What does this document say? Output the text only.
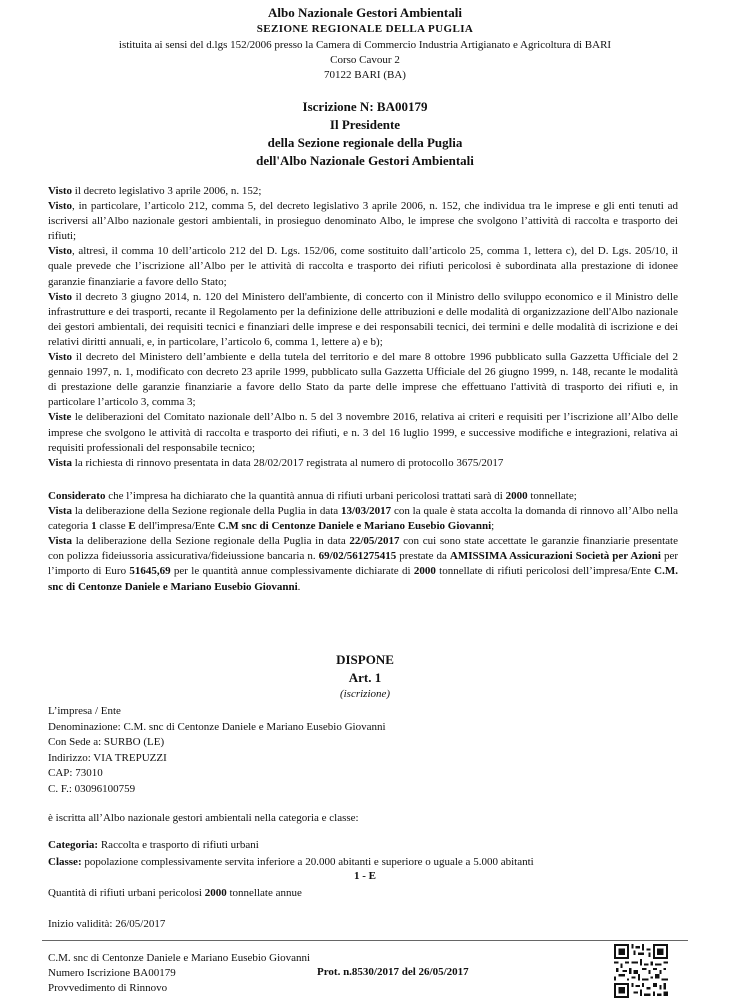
Albo Nazionale Gestori Ambientali
SEZIONE REGIONALE DELLA PUGLIA
istituita ai sensi del d.lgs 152/2006 presso la Camera di Commercio Industria Artigianato e Agricoltura di BARI
Corso Cavour 2
70122 BARI (BA)
Iscrizione N: BA00179
Il Presidente
della Sezione regionale della Puglia
dell'Albo Nazionale Gestori Ambientali

Visto il decreto legislativo 3 aprile 2006, n. 152;

Visto, in particolare, l’articolo 212, comma 5, del decreto legislativo 3 aprile 2006, n. 152, che individua tra le imprese e gli enti tenuti ad iscriversi all’Albo nazionale gestori ambientali, in prosieguo denominato Albo, le imprese che svolgono l’attività di raccolta e trasporto dei rifiuti;

Visto, altresì, il comma 10 dell’articolo 212 del D. Lgs. 152/06, come sostituito dall’articolo 25, comma 1, lettera c), del D. Lgs. 205/10, il quale prevede che l’iscrizione all’Albo per le attività di raccolta e trasporto dei rifiuti pericolosi è subordinata alla prestazione di idonee garanzie finanziarie a favore dello Stato;

Visto il decreto 3 giugno 2014, n. 120 del Ministero dell'ambiente, di concerto con il Ministro dello sviluppo economico e il Ministro delle infrastrutture e dei trasporti, recante il Regolamento per la definizione delle attribuzioni e delle modalità di organizzazione dell'Albo nazionale dei gestori ambientali, dei requisiti tecnici e finanziari delle imprese e dei responsabili tecnici, dei termini e delle modalità di iscrizione e dei relativi diritti annuali, e, in particolare, l’articolo 6, comma 1, lettere a) e b);

Visto il decreto del Ministero dell’ambiente e della tutela del territorio e del mare 8 ottobre 1996 pubblicato sulla Gazzetta Ufficiale del 2 gennaio 1997, n. 1, modificato con decreto 23 aprile 1999, pubblicato sulla Gazzetta Ufficiale del 26 giugno 1999, n. 148, recante le modalità di prestazione delle garanzie finanziarie a favore dello Stato da parte delle imprese che effettuano l'attività di trasporto dei rifiuti e, in particolare l’articolo 3, comma 3;

Viste le deliberazioni del Comitato nazionale dell’Albo n. 5 del 3 novembre 2016, relativa ai criteri e requisiti per l’iscrizione all’Albo delle imprese che svolgono le attività di raccolta e trasporto dei rifiuti, e n. 3 del 16 luglio 1999, e successive modifiche e integrazioni, relativa ai requisiti professionali del responsabile tecnico;

Vista la richiesta di rinnovo presentata in data 28/02/2017 registrata al numero di protocollo 3675/2017

Considerato che l’impresa ha dichiarato che la quantità annua di rifiuti urbani pericolosi trattati sarà di 2000 tonnellate;

Vista la deliberazione della Sezione regionale della Puglia in data 13/03/2017 con la quale è stata accolta la domanda di rinnovo all’Albo nella categoria 1 classe E dell'impresa/Ente C.M snc di Centonze Daniele e Mariano Eusebio Giovanni;

Vista la deliberazione della Sezione regionale della Puglia in data 22/05/2017 con cui sono state accettate le garanzie finanziarie presentate con polizza fideiussoria assicurativa/fideiussione bancaria n. 69/02/561275415 prestate da AMISSIMA Assicurazioni Società per Azioni per l’importo di Euro 51645,69 per le quantità annue complessivamente dichiarate di 2000 tonnellate di rifiuti pericolosi dell’impresa/Ente C.M. snc di Centonze Daniele e Mariano Eusebio Giovanni.

DISPONE
Art. 1
(iscrizione)

L’impresa / Ente

Denominazione: C.M. snc di Centonze Daniele e Mariano Eusebio Giovanni

Con Sede a: SURBO (LE)

Indirizzo: VIA TREPUZZI

CAP: 73010

C. F.: 03096100759

è iscritta all’Albo nazionale gestori ambientali nella categoria e classe:
Categoria: Raccolta e trasporto di rifiuti urbani
Classe: popolazione complessivamente servita inferiore a 20.000 abitanti e superiore o uguale a 5.000 abitanti
1 - E
Quantità di rifiuti urbani pericolosi 2000 tonnellate annue
Inizio validità: 26/05/2017
C.M. snc di Centonze Daniele e Mariano Eusebio Giovanni
Numero Iscrizione BA00179	Prot. n.8530/2017 del 26/05/2017
Provvedimento di Rinnovo
